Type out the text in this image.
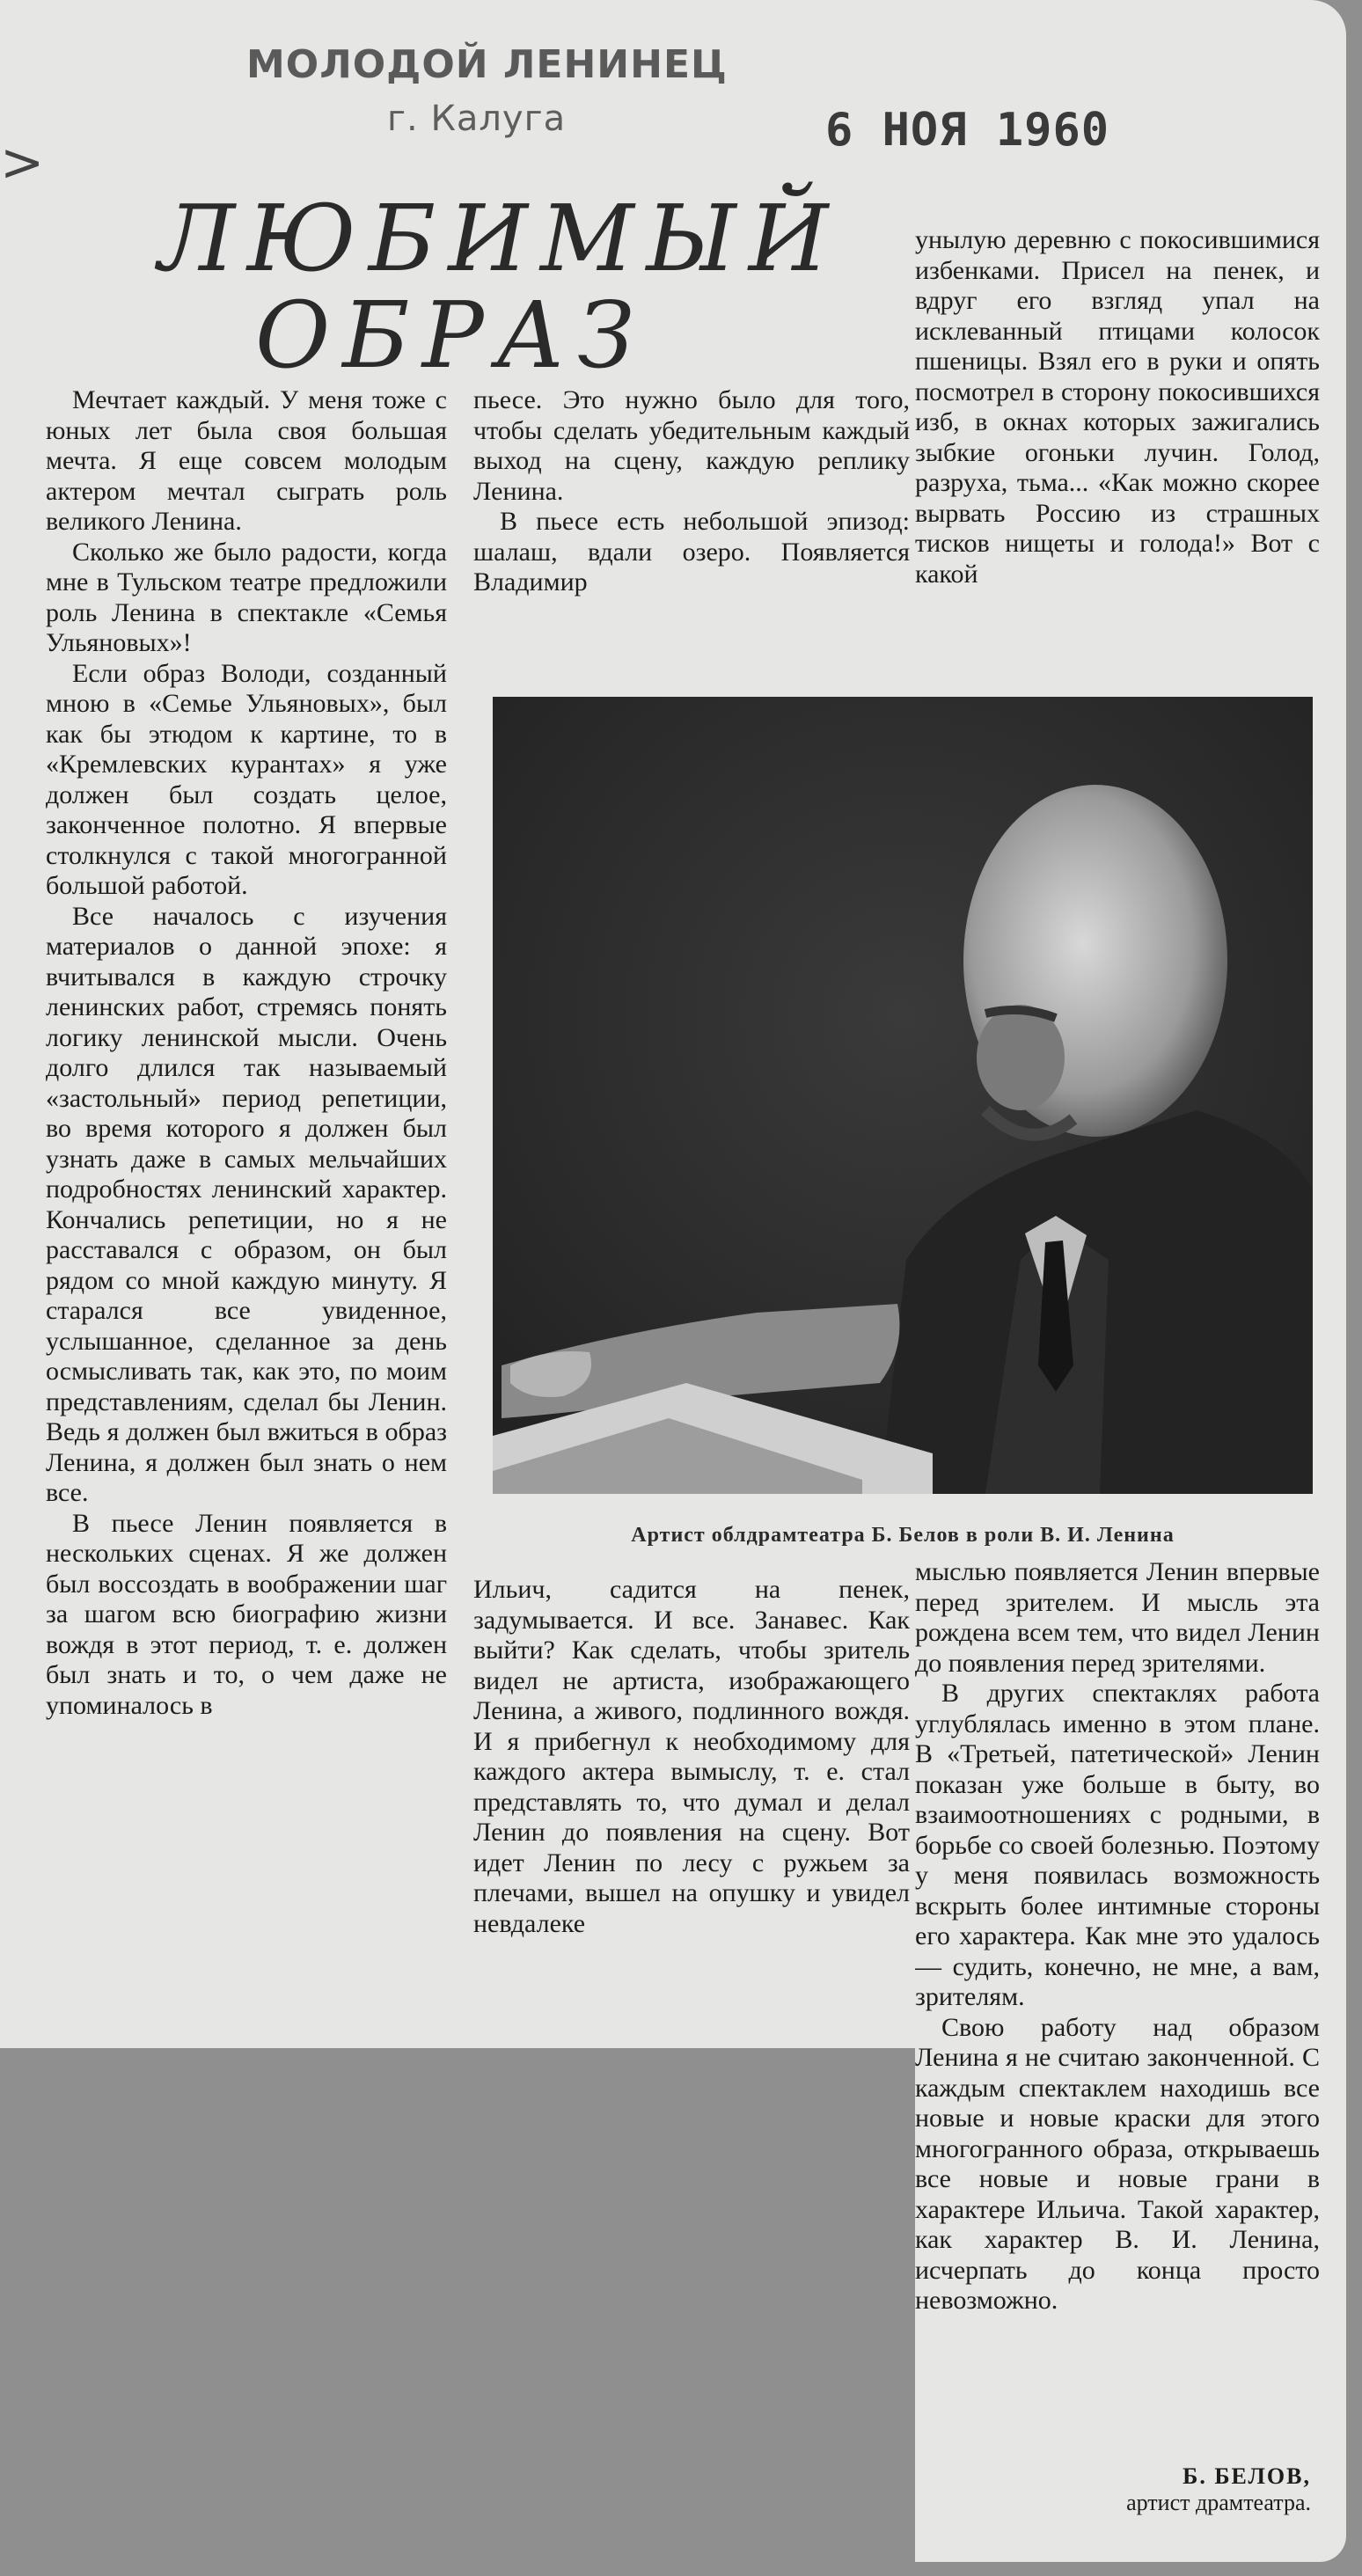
>
МОЛОДОЙ ЛЕНИНЕЦ
г. Калуга	6 НОЯ 1960
ЛЮБИМЫЙ
ОБРАЗ

Мечтает каждый. У меня тоже с юных лет была своя большая мечта. Я еще совсем молодым актером мечтал сыграть роль великого Ленина.

Сколько же было радости, когда мне в Тульском театре предложили роль Ленина в спектакле «Семья Ульяновых»!

Если образ Володи, созданный мною в «Семье Ульяновых», был как бы этюдом к картине, то в «Кремлевских курантах» я уже должен был создать целое, законченное полотно. Я впервые столкнулся с такой многогранной большой работой.

Все началось с изучения материалов о данной эпохе: я вчитывался в каждую строчку ленинских работ, стремясь понять логику ленинской мысли. Очень долго длился так называемый «застольный» период репетиции, во время которого я должен был узнать даже в самых мельчайших подробностях ленинский характер. Кончались репетиции, но я не расставался с образом, он был рядом со мной каждую минуту. Я старался все увиденное, услышанное, сделанное за день осмысливать так, как это, по моим представлениям, сделал бы Ленин. Ведь я должен был вжиться в образ Ленина, я должен был знать о нем все.

В пьесе Ленин появляется в нескольких сценах. Я же должен был воссоздать в воображении шаг за шагом всю биографию жизни вождя в этот период, т. е. должен был знать и то, о чем даже не упоминалось в

пьесе. Это нужно было для того, чтобы сделать убедительным каждый выход на сцену, каждую реплику Ленина.

В пьесе есть небольшой эпизод: шалаш, вдали озеро. Появляется Владимир

унылую деревню с покосившимися избенками. Присел на пенек, и вдруг его взгляд упал на исклеванный птицами колосок пшеницы. Взял его в руки и опять посмотрел в сторону покосившихся изб, в окнах которых зажигались зыбкие огоньки лучин. Голод, разруха, тьма... «Как можно скорее вырвать Россию из страшных тисков нищеты и голода!» Вот с какой

Артист облдрамтеатра Б. Белов в роли В. И. Ленина

Ильич, садится на пенек, задумывается. И все. Занавес. Как выйти? Как сделать, чтобы зритель видел не артиста, изображающего Ленина, а живого, подлинного вождя. И я прибегнул к необходимому для каждого актера вымыслу, т. е. стал представлять то, что думал и делал Ленин до появления на сцену. Вот идет Ленин по лесу с ружьем за плечами, вышел на опушку и увидел невдалеке

мыслью появляется Ленин впервые перед зрителем. И мысль эта рождена всем тем, что видел Ленин до появления перед зрителями.

В других спектаклях работа углублялась именно в этом плане. В «Третьей, патетической» Ленин показан уже больше в быту, во взаимоотношениях с родными, в борьбе со своей болезнью. Поэтому у меня появилась возможность вскрыть более интимные стороны его характера. Как мне это удалось — судить, конечно, не мне, а вам, зрителям.

Свою работу над образом Ленина я не считаю законченной. С каждым спектаклем находишь все новые и новые краски для этого многогранного образа, открываешь все новые и новые грани в характере Ильича. Такой характер, как характер В. И. Ленина, исчерпать до конца просто невозможно.

Б. БЕЛОВ,
артист драмтеатра.
